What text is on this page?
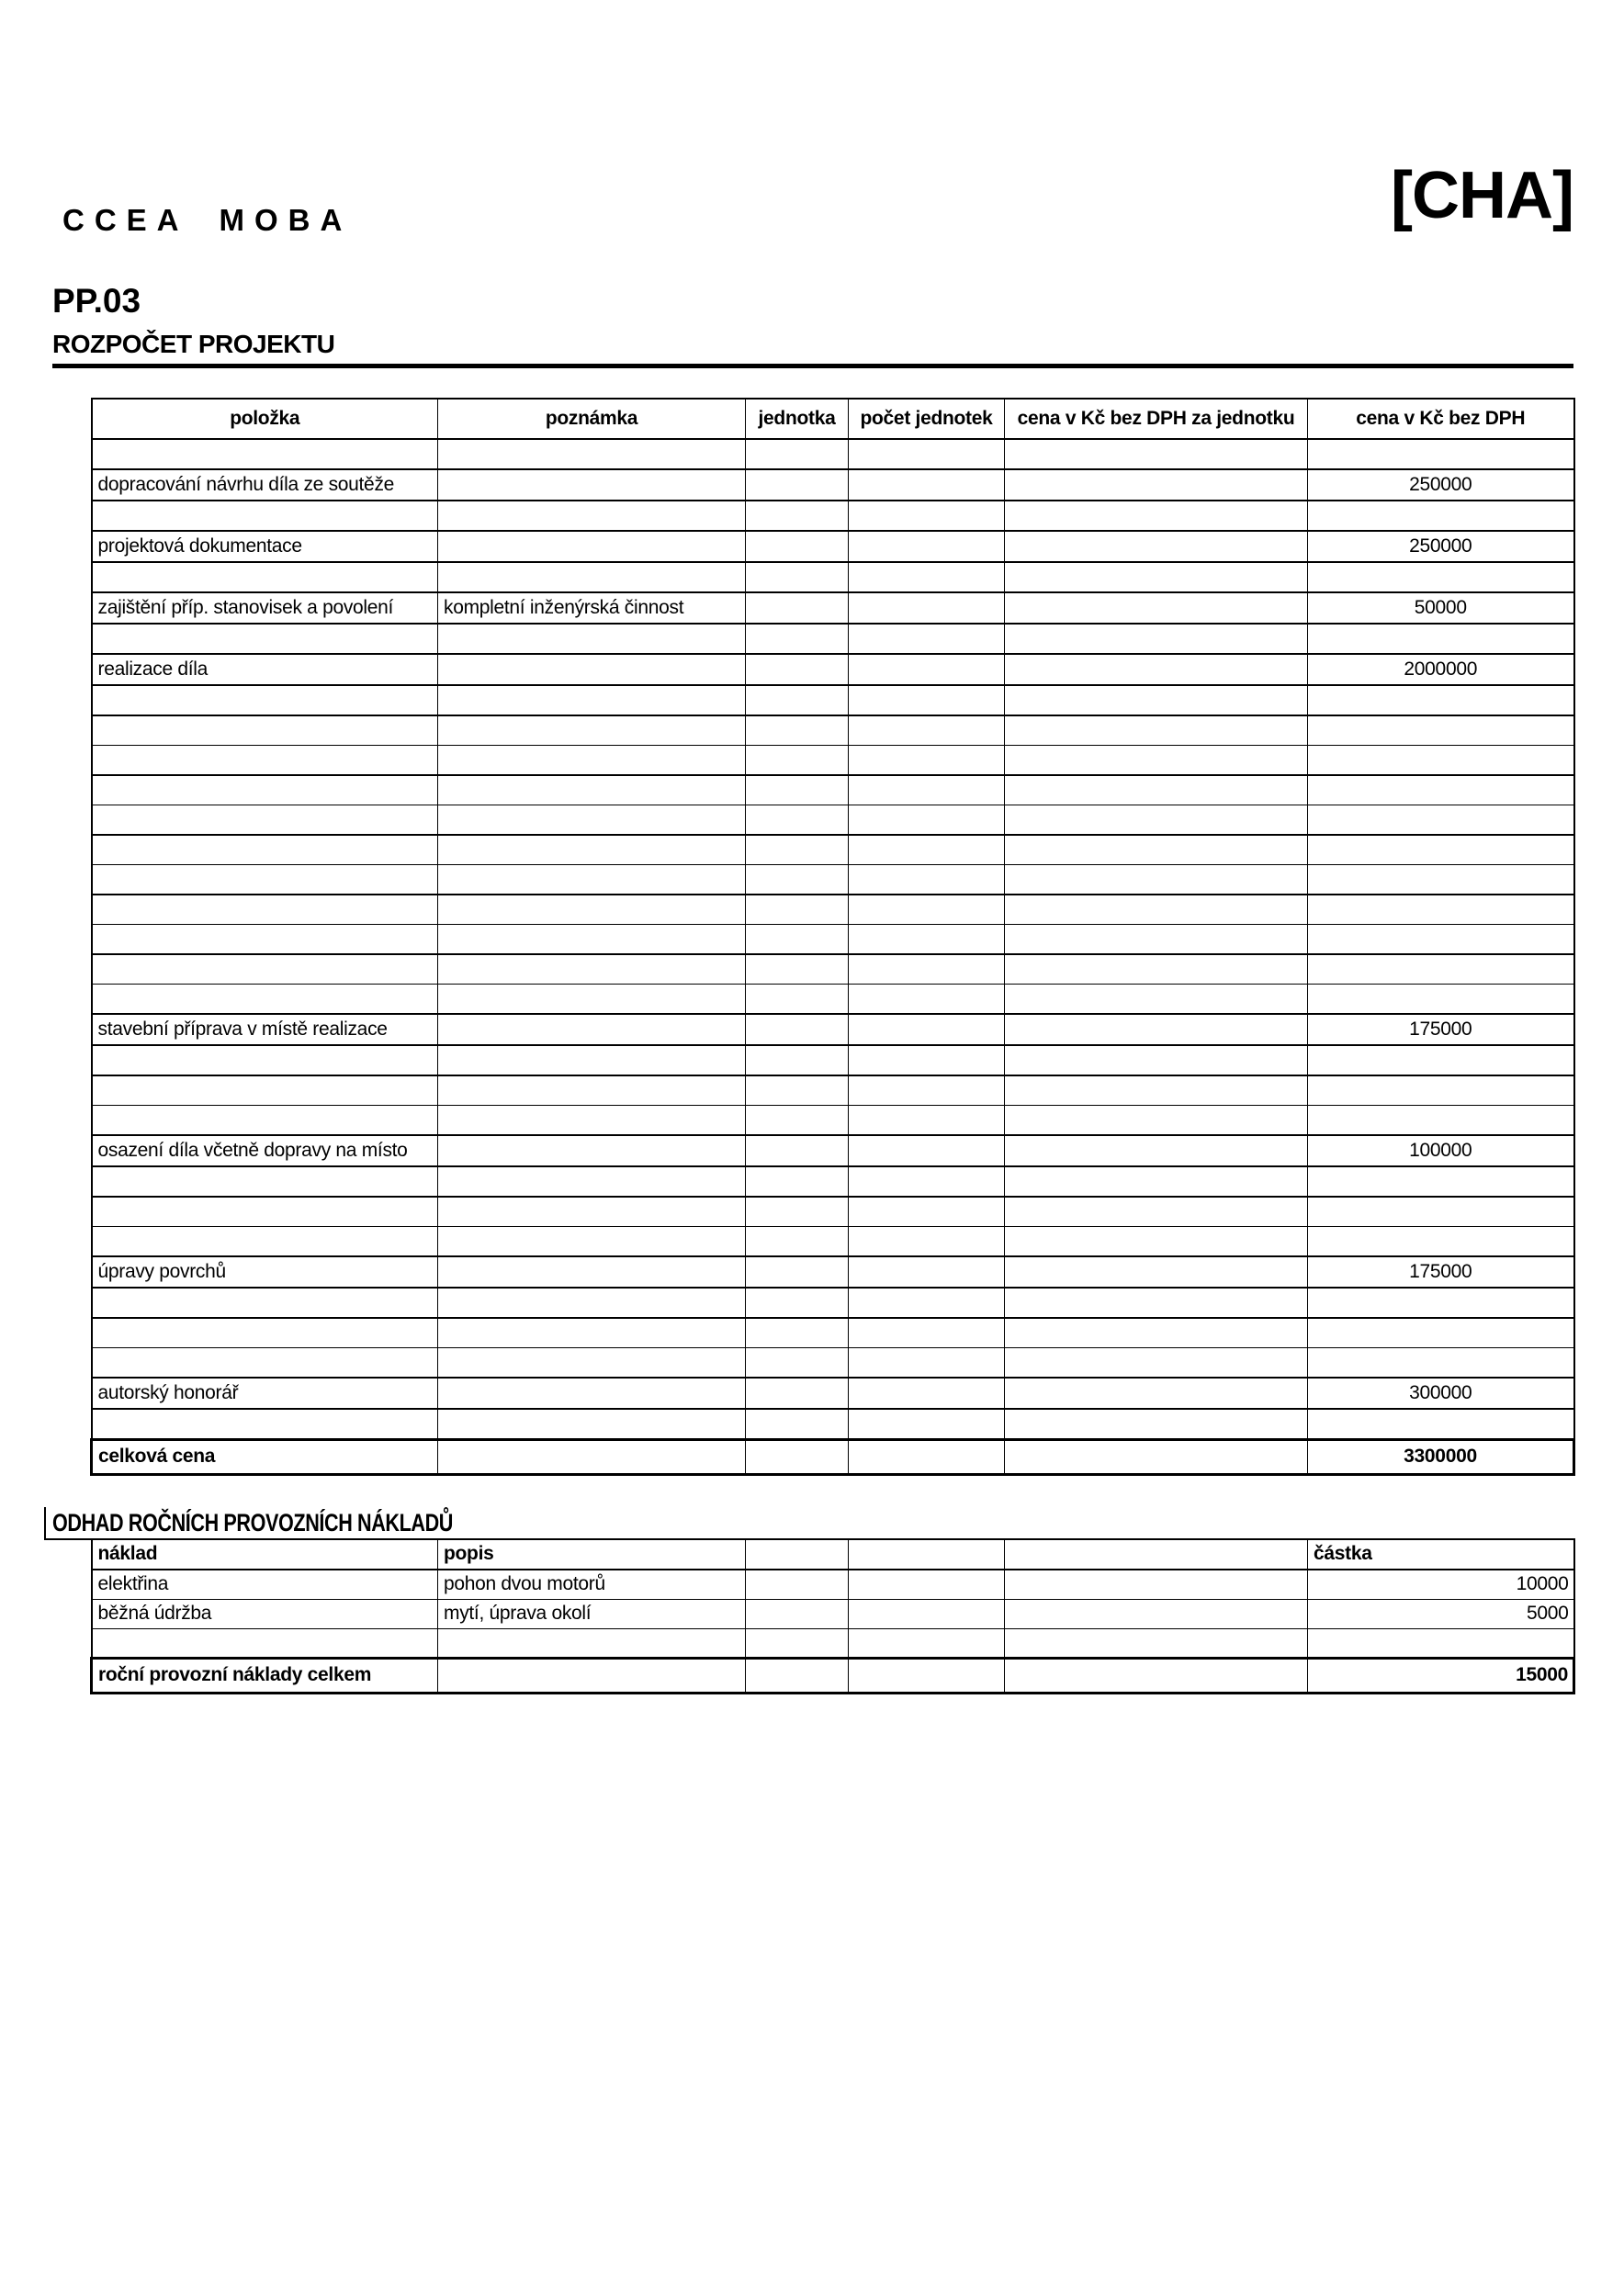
CCEA MOBA	[CHA]
PP.03
ROZPOČET PROJEKTU
položka	poznámka	jednotka	počet jednotek	cena v Kč bez DPH za jednotku	cena v Kč bez DPH

dopracování návrhu díla ze soutěže					250000

projektová dokumentace					250000

zajištění příp. stanovisek a povolení	kompletní inženýrská činnost				50000

realizace díla					2000000

stavební příprava v místě realizace					175000

osazení díla včetně dopravy na místo					100000

úpravy povrchů					175000

autorský honorář					300000

celková cena					3300000
ODHAD ROČNÍCH PROVOZNÍCH NÁKLADŮ
náklad	popis				částka
elektřina	pohon dvou motorů				10000
běžná údržba	mytí, úprava okolí				5000

roční provozní náklady celkem					15000
